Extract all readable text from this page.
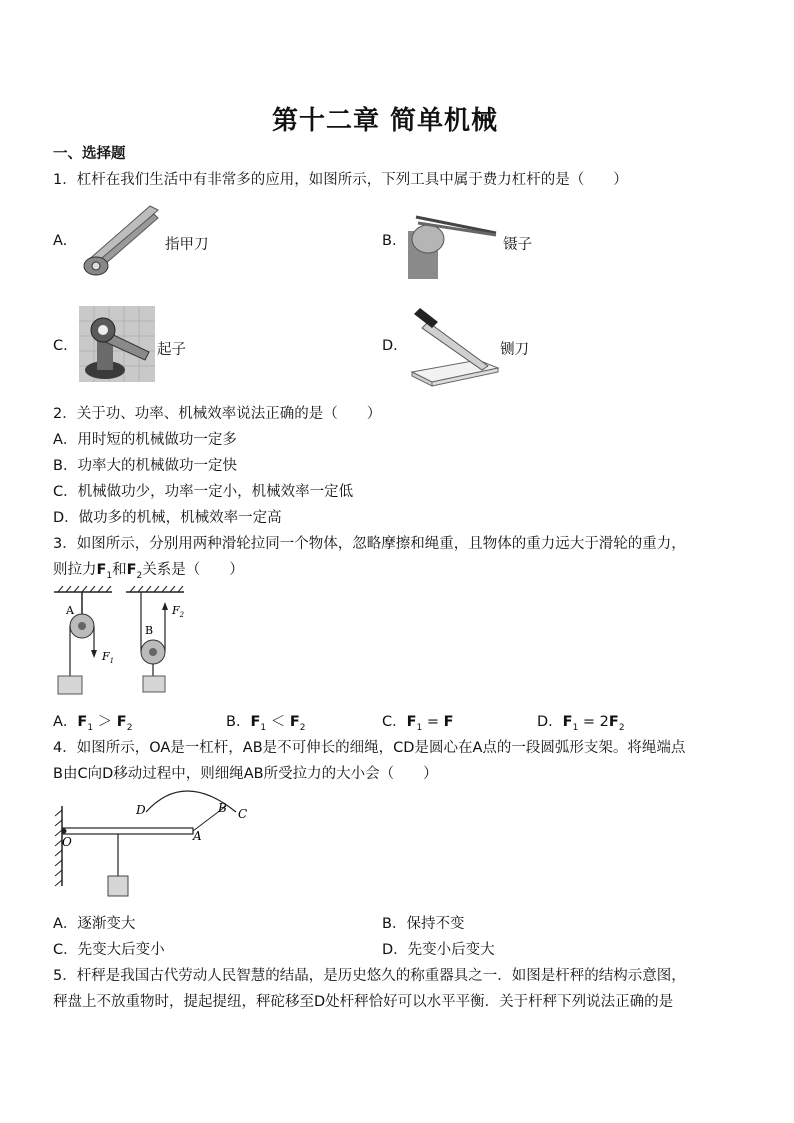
第十二章 简单机械
一、选择题
1．杠杆在我们生活中有非常多的应用，如图所示，下列工具中属于费力杠杆的是（　　）
A.	指甲刀	B.	镊子
C.	起子	D.	铡刀
2．关于功、功率、机械效率说法正确的是（　　）
A．用时短的机械做功一定多
B．功率大的机械做功一定快
C．机械做功少，功率一定小，机械效率一定低
D．做功多的机械，机械效率一定高
3．如图所示，分别用两种滑轮拉同一个物体，忽略摩擦和绳重，且物体的重力远大于滑轮的重力，
则拉力$F_1$和$F_2$关系是（　　）
A
$F_1$
B
$F_2$
A．$F_1 > F_2$	B．$F_1 < F_2$	C．$F_1 = F$	D．$F_1 = 2F_2$
4．如图所示，OA是一杠杆，AB是不可伸长的细绳，CD是圆心在A点的一段圆弧形支架。将绳端点
B由C向D移动过程中，则细绳AB所受拉力的大小会（　　）
O	A
B C
D
A．逐渐变大	B．保持不变
C．先变大后变小	D．先变小后变大
5．杆秤是我国古代劳动人民智慧的结晶，是历史悠久的称重器具之一．如图是杆秤的结构示意图，
秤盘上不放重物时，提起提纽，秤砣移至D处杆秤恰好可以水平平衡．关于杆秤下列说法正确的是
